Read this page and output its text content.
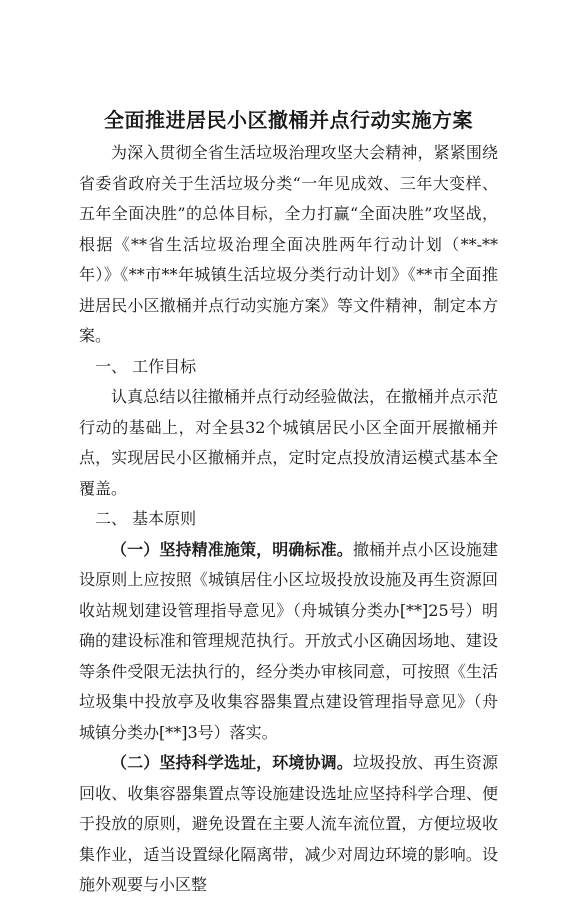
全面推进居民小区撤桶并点行动实施方案

为深入贯彻全省生活垃圾治理攻坚大会精神，紧紧围绕省委省政府关于生活垃圾分类“一年见成效、三年大变样、五年全面决胜”的总体目标，全力打赢“全面决胜”攻坚战，根据《**省生活垃圾治理全面决胜两年行动计划（**-**年）》《**市**年城镇生活垃圾分类行动计划》《**市全面推进居民小区撤桶并点行动实施方案》等文件精神，制定本方案。

一、 工作目标

认真总结以往撤桶并点行动经验做法，在撤桶并点示范行动的基础上，对全县32个城镇居民小区全面开展撤桶并点，实现居民小区撤桶并点，定时定点投放清运模式基本全覆盖。

二、 基本原则

（一）坚持精准施策，明确标准。撤桶并点小区设施建设原则上应按照《城镇居住小区垃圾投放设施及再生资源回收站规划建设管理指导意见》（舟城镇分类办[**]25号）明确的建设标准和管理规范执行。开放式小区确因场地、建设等条件受限无法执行的，经分类办审核同意，可按照《生活垃圾集中投放亭及收集容器集置点建设管理指导意见》（舟城镇分类办[**]3号）落实。

（二）坚持科学选址，环境协调。垃圾投放、再生资源回收、收集容器集置点等设施建设选址应坚持科学合理、便于投放的原则，避免设置在主要人流车流位置，方便垃圾收集作业，适当设置绿化隔离带，减少对周边环境的影响。设施外观要与小区整
